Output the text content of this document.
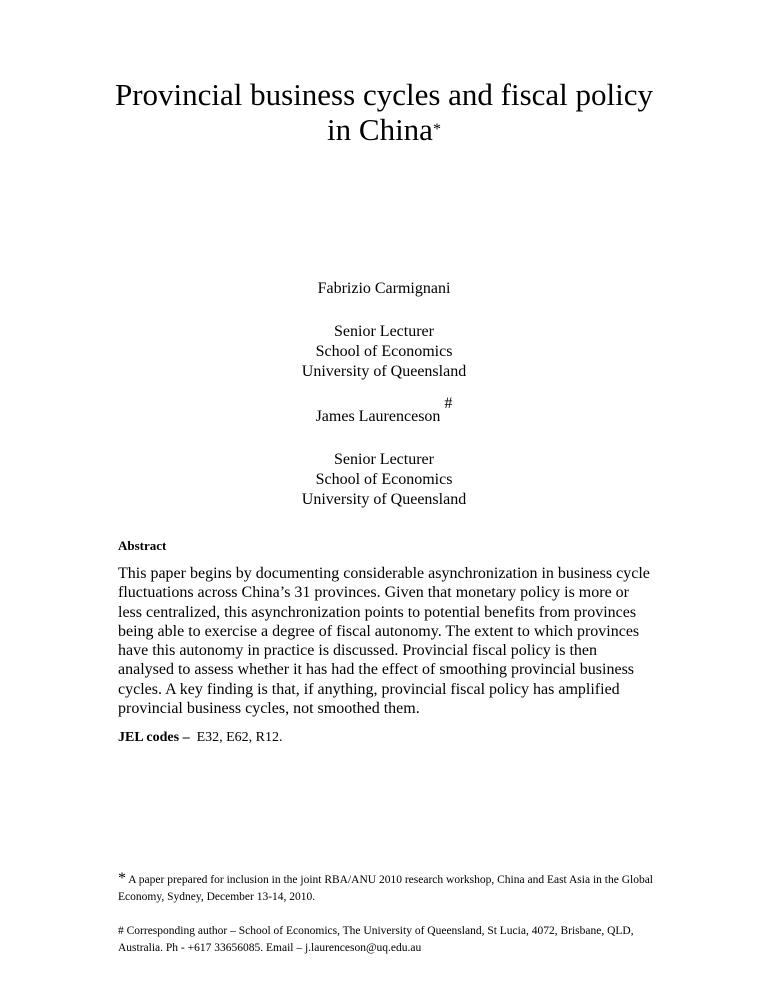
Provincial business cycles and fiscal policy in China*

Fabrizio Carmignani

Senior Lecturer

School of Economics

University of Queensland

James Laurenceson#

Senior Lecturer

School of Economics

University of Queensland

Abstract

This paper begins by documenting considerable asynchronization in business cycle fluctuations across China’s 31 provinces. Given that monetary policy is more or less centralized, this asynchronization points to potential benefits from provinces being able to exercise a degree of fiscal autonomy. The extent to which provinces have this autonomy in practice is discussed. Provincial fiscal policy is then analysed to assess whether it has had the effect of smoothing provincial business cycles. A key finding is that, if anything, provincial fiscal policy has amplified provincial business cycles, not smoothed them.

JEL codes – E32, E62, R12.

* A paper prepared for inclusion in the joint RBA/ANU 2010 research workshop, China and East Asia in the Global Economy, Sydney, December 13-14, 2010.

# Corresponding author – School of Economics, The University of Queensland, St Lucia, 4072, Brisbane, QLD, Australia. Ph - +617 33656085. Email – j.laurenceson@uq.edu.au
